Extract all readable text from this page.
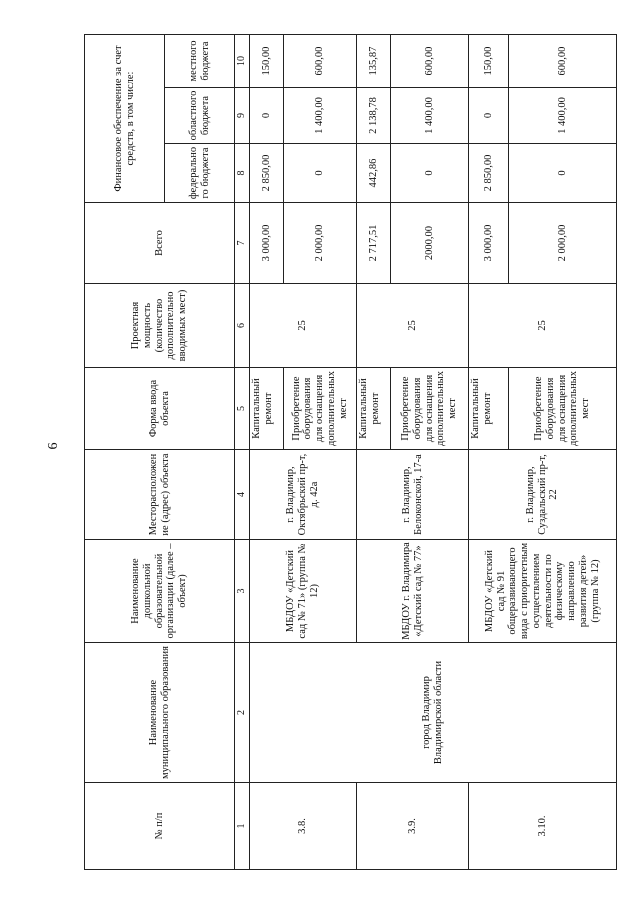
6
№ п/п	Наименование муниципального образования	Наименование дошкольной образовательной организации (далее – объект)	Месторасположение (адрес) объекта	Форма ввода объекта	Проектная мощность (количество дополнительно вводимых мест)	Всего	Финансовое обеспечение за счет средств, в том числе:		
							федерального бюджета	областного бюджета	местного бюджета
1	2	3	4	5	6	7	8	9	10
3.8.	город Владимир Владимирской области	МБДОУ «Детский сад № 71» (группа № 12)	г. Владимир, Октябрьский пр-т, д. 42а	Капитальный ремонт	25	3 000,00	2 850,00	0	150,00
				Приобретение оборудования для оснащения дополнительных мест		2 000,00	0	1 400,00	600,00
3.9.		МБДОУ г. Владимира «Детский сад № 77»	г. Владимир, Белоконской, 17-а	Капитальный ремонт	25	2 717,51	442,86	2 138,78	135,87
				Приобретение оборудования для оснащения дополнительных мест		2000,00	0	1 400,00	600,00
3.10.		МБДОУ «Детский сад № 91 общеразвивающего вида с приоритетным осуществлением деятельности по физическому направлению развития детей» (группа № 12)	г. Владимир, Суздальский пр-т, 22	Капитальный ремонт	25	3 000,00	2 850,00	0	150,00
				Приобретение оборудования для оснащения дополнительных мест		2 000,00	0	1 400,00	600,00
